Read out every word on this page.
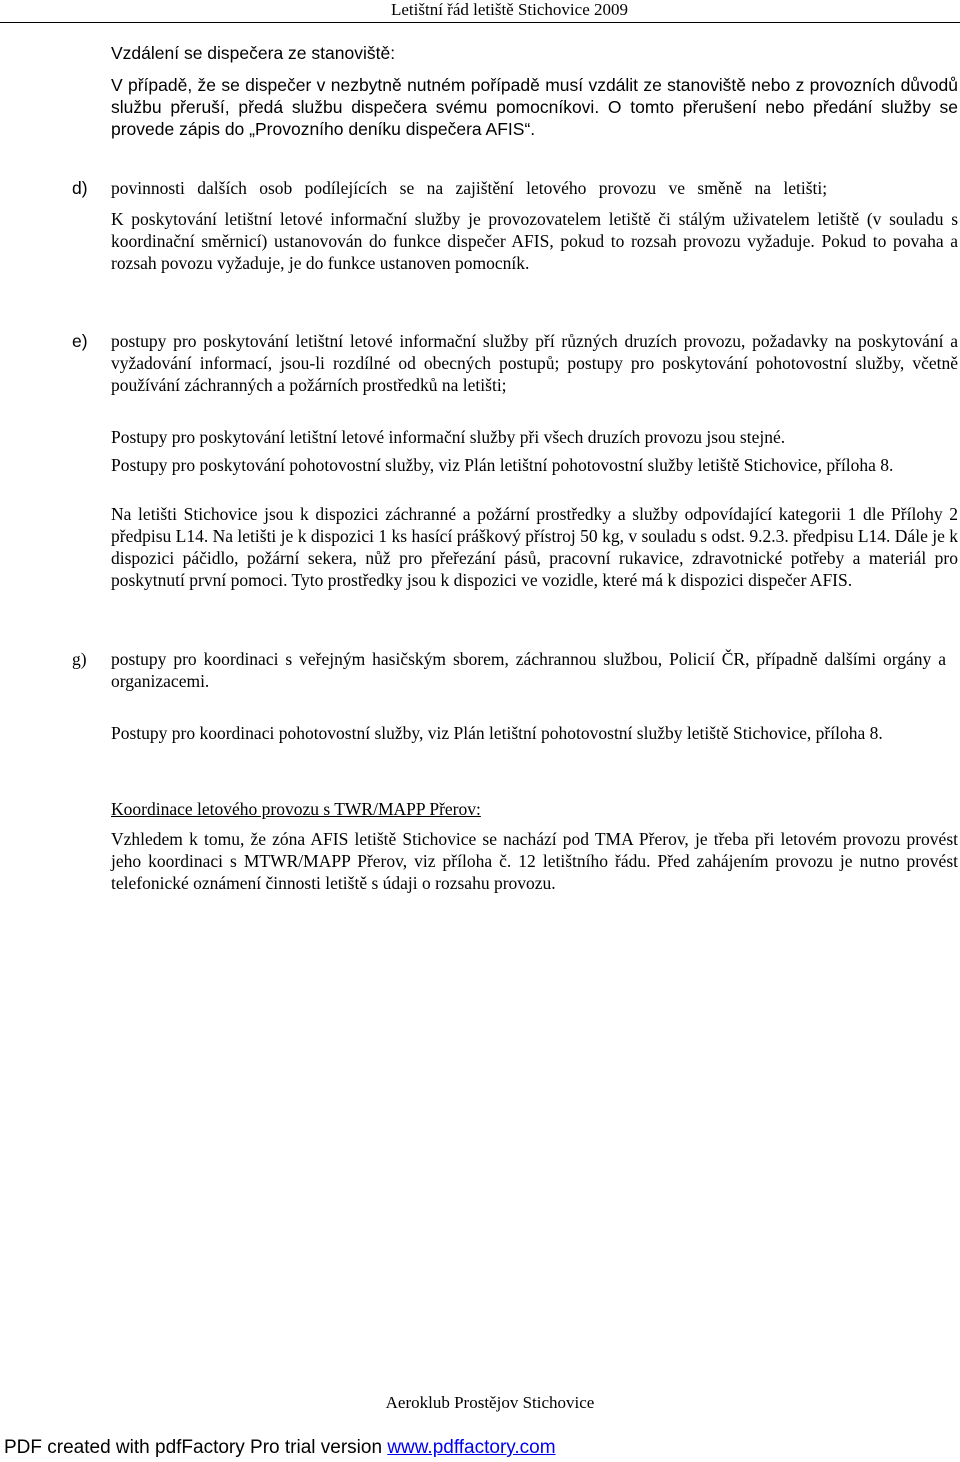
Letištní řád letiště Stichovice 2009
Vzdálení se dispečera ze stanoviště:
V případě, že se dispečer v nezbytně nutném pořípadě musí vzdálit ze stanoviště nebo z provozních důvodů službu přeruší, předá službu dispečera svému pomocníkovi. O tomto přerušení nebo předání služby se provede zápis do „Provozního deníku dispečera AFIS“.
d) povinnosti dalších osob podílejících se na zajištění letového provozu ve směně na letišti;
K poskytování letištní letové informační služby je provozovatelem letiště či stálým uživatelem letiště (v souladu s koordinační směrnicí) ustanovován do funkce dispečer AFIS, pokud to rozsah provozu vyžaduje. Pokud to povaha a rozsah povozu vyžaduje, je do funkce ustanoven pomocník.
e) postupy pro poskytování letištní letové informační služby pří různých druzích provozu, požadavky na poskytování a vyžadování informací, jsou-li rozdílné od obecných postupů; postupy pro poskytování pohotovostní služby, včetně používání záchranných a požárních prostředků na letišti;
Postupy pro poskytování letištní letové informační služby při všech druzích provozu jsou stejné.
Postupy pro poskytování pohotovostní služby, viz Plán letištní pohotovostní služby letiště Stichovice, příloha 8.
Na letišti Stichovice jsou k dispozici záchranné a požární prostředky a služby odpovídající kategorii 1 dle Přílohy 2 předpisu L14. Na letišti je k dispozici 1 ks hasící práškový přístroj 50 kg, v souladu s odst. 9.2.3. předpisu L14. Dále je k dispozici páčidlo, požární sekera, nůž pro přeřezání pásů, pracovní rukavice, zdravotnické potřeby a materiál pro poskytnutí první pomoci. Tyto prostředky jsou k dispozici ve vozidle, které má k dispozici dispečer AFIS.
g) postupy pro koordinaci s veřejným hasičským sborem, záchrannou službou, Policií ČR, případně dalšími orgány a organizacemi.
Postupy pro koordinaci pohotovostní služby, viz Plán letištní pohotovostní služby letiště Stichovice, příloha 8.
Koordinace letového provozu s TWR/MAPP Přerov:
Vzhledem k tomu, že zóna AFIS letiště Stichovice se nachází pod TMA Přerov, je třeba při letovém provozu provést jeho koordinaci s MTWR/MAPP Přerov, viz příloha č. 12 letištního řádu. Před zahájením provozu je nutno provést telefonické oznámení činnosti letiště s údaji o rozsahu provozu.
Aeroklub Prostějov Stichovice
PDF created with pdfFactory Pro trial version www.pdffactory.com
